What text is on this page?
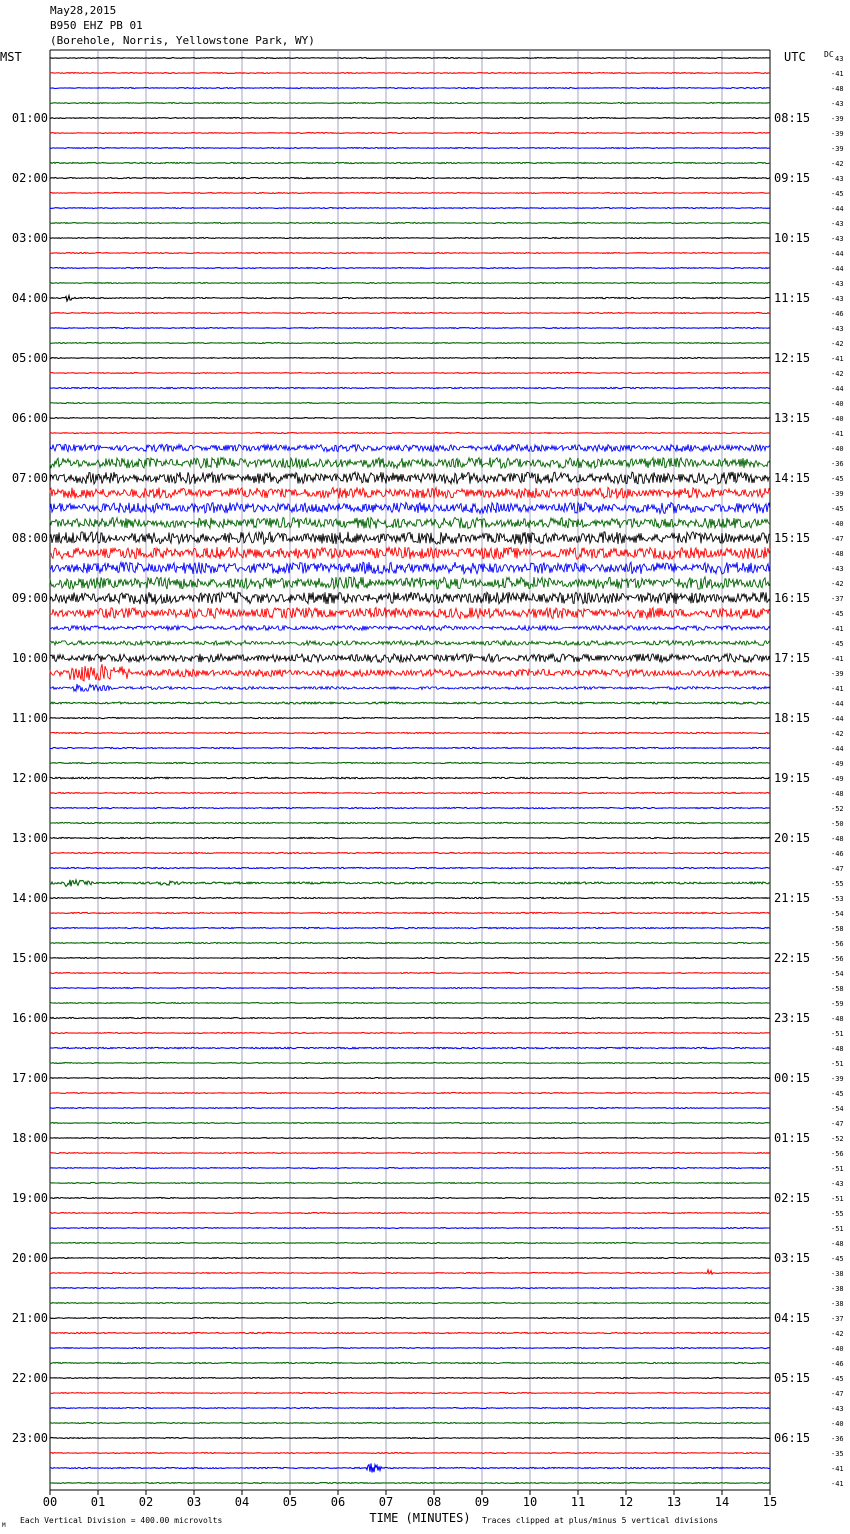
May28,2015
B950 EHZ PB 01
(Borehole, Norris, Yellowstone Park, WY)
00	01	02	03	04	05	06	07	08	09	10	11	12	13	14	15
43
-41
-48
-43
-39
-39
-39
-42
-43
-45
-44
-43
-43
-44
-44
-43
-43
-46
-43
-42
-41
-42
-44
-40
-40
-41
-40
-36
-45
-39
-45
-40
-47
-48
-43
-42
-37
-45
-41
-45
-41
-39
-41
-44
-44
-42
-44
-49
-49
-48
-52
-50
-48
-46
-47
-55
-53
-54
-58
-56
-56
-54
-58
-59
-48
-51
-48
-51
-39
-45
-54
-47
-52
-56
-51
-43
-51
-55
-51
-48
-45
-38
-38
-38
-37
-42
-40
-46
-45
-47
-43
-40
-36
-35
-41
-41
01:00
02:00
03:00
04:00
05:00
06:00
07:00
08:00
09:00
10:00
11:00
12:00
13:00
14:00
15:00
16:00
17:00
18:00
19:00
20:00
21:00
22:00
23:00
08:15
09:15
10:15
11:15
12:15
13:15
14:15
15:15
16:15
17:15
18:15
19:15
20:15
21:15
22:15
23:15
00:15
01:15
02:15
03:15
04:15
05:15
06:15
MST	UTC DC
TIME (MINUTES)
Each Vertical Division = 400.00 microvolts	Traces clipped at plus/minus 5 vertical divisions
M
